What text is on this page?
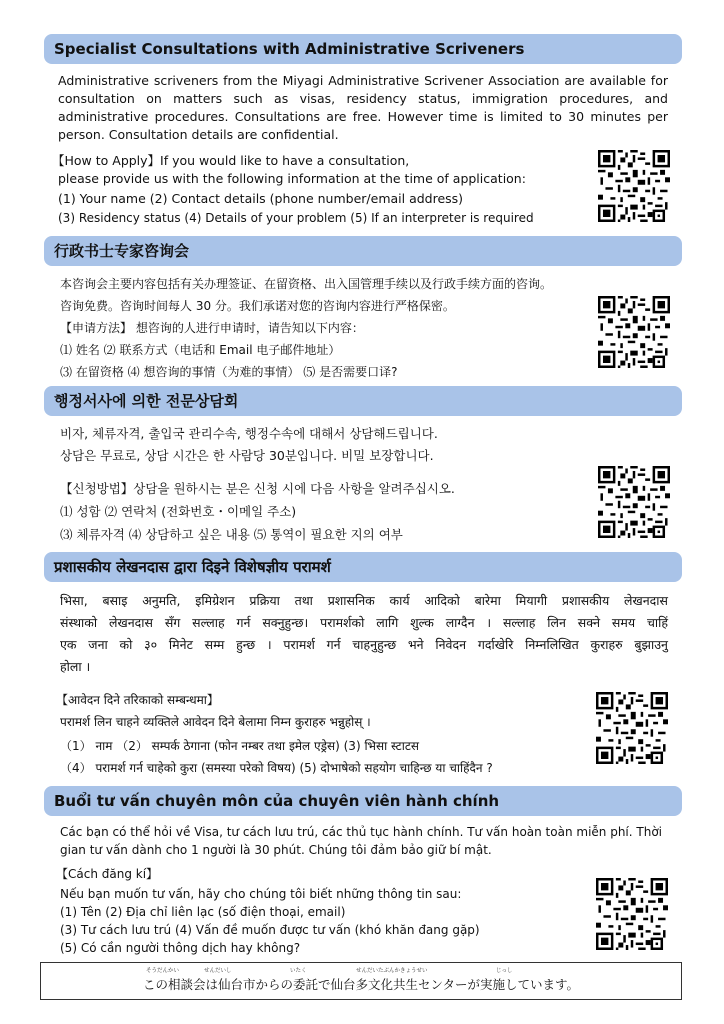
Specialist Consultations with Administrative Scriveners
Administrative scriveners from the Miyagi Administrative Scrivener Association are available for
consultation on matters such as visas, residency status, immigration procedures, and
administrative procedures. Consultations are free. However time is limited to 30 minutes per
person. Consultation details are confidential.
【How to Apply】If you would like to have a consultation,
please provide us with the following information at the time of application:
(1) Your name (2) Contact details (phone number/email address)
(3) Residency status (4) Details of your problem (5) If an interpreter is required
行政书士专家咨询会
本咨询会主要内容包括有关办理签证、在留资格、出入国管理手续以及行政手续方面的咨询。
咨询免费。咨询时间每人 30 分。我们承诺对您的咨询内容进行严格保密。
【申请方法】 想咨询的人进行申请时，请告知以下内容：
⑴ 姓名 ⑵ 联系方式（电话和 Email 电子邮件地址）
⑶ 在留资格 ⑷ 想咨询的事情（为难的事情） ⑸ 是否需要口译?
행정서사에 의한 전문상담회
비자, 체류자격, 출입국 관리수속, 행정수속에 대해서 상담해드립니다.
상담은 무료로, 상담 시간은 한 사람당 30분입니다. 비밀 보장합니다.
【신청방법】상담을 원하시는 분은 신청 시에 다음 사항을 알려주십시오.
⑴ 성함 ⑵ 연락처 (전화번호・이메일 주소)
⑶ 체류자격 ⑷ 상담하고 싶은 내용 ⑸ 통역이 필요한 지의 여부
प्रशासकीय लेखनदास द्वारा दिइने विशेषज्ञीय परामर्श
भिसा, बसाइ अनुमति, इमिग्रेशन प्रक्रिया तथा प्रशासनिक कार्य आदिको बारेमा मियागी प्रशासकीय लेखनदास
संस्थाको लेखनदास सँग सल्लाह गर्न सक्नुहुन्छ। परामर्शको लागि शुल्क लाग्दैन । सल्लाह लिन सक्ने समय चाहिं
एक जना को ३० मिनेट सम्म हुन्छ । परामर्श गर्न चाहनुहुन्छ भने निवेदन गर्दाखेरि निम्नलिखित कुराहरु बुझाउनु
होला ।
【आवेदन दिने तरिकाको सम्बन्धमा】
परामर्श लिन चाहने व्यक्तिले आवेदन दिने बेलामा निम्न कुराहरु भन्नुहोस् ।
（1） नाम （2） सम्पर्क ठेगाना (फोन नम्बर तथा इमेल एड्रेस) (3) भिसा स्टाटस
（4） परामर्श गर्न चाहेको कुरा (समस्या परेको विषय) (5) दोभाषेको सहयोग चाहिन्छ या चाहिंदैन ?
Buổi tư vấn chuyên môn của chuyên viên hành chính
Các bạn có thể hỏi về Visa, tư cách lưu trú, các thủ tục hành chính. Tư vấn hoàn toàn miễn phí. Thời
gian tư vấn dành cho 1 người là 30 phút. Chúng tôi đảm bảo giữ bí mật.
【Cách đăng kí】
Nếu bạn muốn tư vấn, hãy cho chúng tôi biết những thông tin sau:
(1) Tên (2) Địa chỉ liên lạc (số điện thoại, email)
(3) Tư cách lưu trú (4) Vấn đề muốn được tư vấn (khó khăn đang gặp)
(5) Có cần người thông dịch hay không?
そうだんかい	せんだいし	いたく	せんだいたぶんかきょうせい	じっし
この相談会は仙台市からの委託で仙台多文化共生センターが実施しています。
